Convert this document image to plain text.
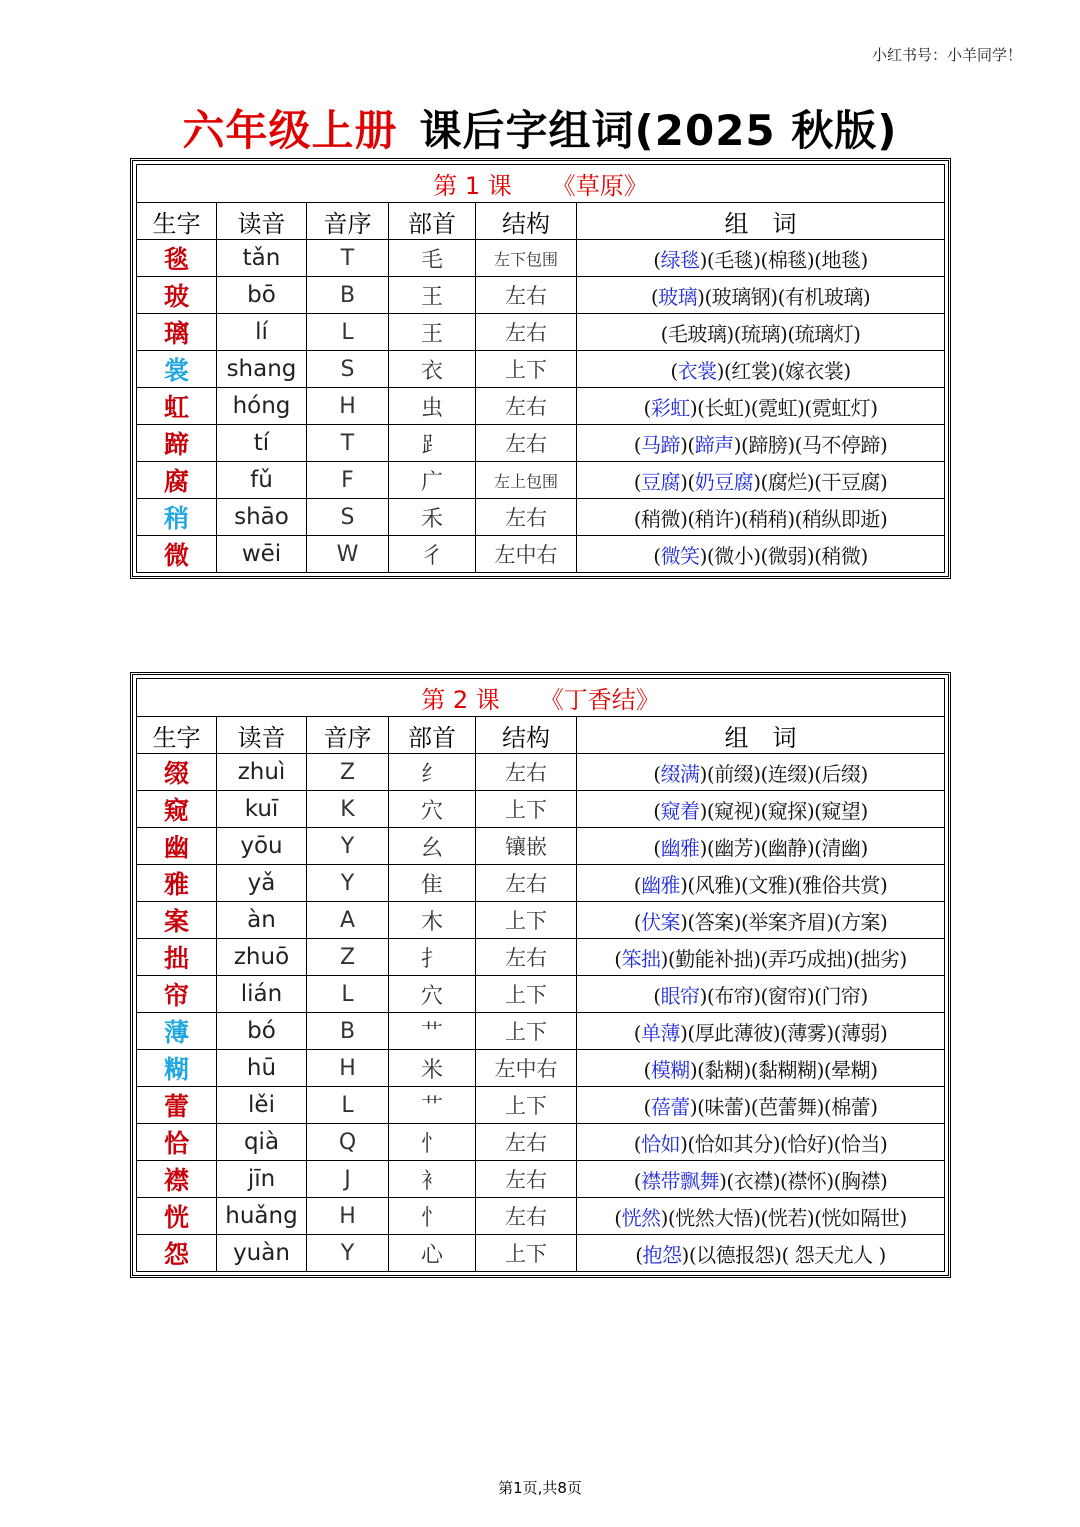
小红书号：小羊同学！
六年级上册 课后字组词(2025 秋版)
第 1 课 《草原》					
生字	读音	音序	部首	结构	组　词
毯	tǎn	T	毛	左下包围	(绿毯)(毛毯)(棉毯)(地毯)
玻	bō	B	王	左右	(玻璃)(玻璃钢)(有机玻璃)
璃	lí	L	王	左右	(毛玻璃)(琉璃)(琉璃灯)
裳	shang	S	衣	上下	(衣裳)(红裳)(嫁衣裳)
虹	hóng	H	虫	左右	(彩虹)(长虹)(霓虹)(霓虹灯)
蹄	tí	T	⻊	左右	(马蹄)(蹄声)(蹄膀)(马不停蹄)
腐	fǔ	F	广	左上包围	(豆腐)(奶豆腐)(腐烂)(干豆腐)
稍	shāo	S	禾	左右	(稍微)(稍许)(稍稍)(稍纵即逝)
微	wēi	W	彳	左中右	(微笑)(微小)(微弱)(稍微)
第 2 课 《丁香结》					
生字	读音	音序	部首	结构	组　词
缀	zhuì	Z	纟	左右	(缀满)(前缀)(连缀)(后缀)
窥	kuī	K	穴	上下	(窥着)(窥视)(窥探)(窥望)
幽	yōu	Y	幺	镶嵌	(幽雅)(幽芳)(幽静)(清幽)
雅	yǎ	Y	隹	左右	(幽雅)(风雅)(文雅)(雅俗共赏)
案	àn	A	木	上下	(伏案)(答案)(举案齐眉)(方案)
拙	zhuō	Z	扌	左右	(笨拙)(勤能补拙)(弄巧成拙)(拙劣)
帘	lián	L	穴	上下	(眼帘)(布帘)(窗帘)(门帘)
薄	bó	B	艹	上下	(单薄)(厚此薄彼)(薄雾)(薄弱)
糊	hū	H	米	左中右	(模糊)(黏糊)(黏糊糊)(晕糊)
蕾	lěi	L	艹	上下	(蓓蕾)(味蕾)(芭蕾舞)(棉蕾)
恰	qià	Q	忄	左右	(恰如)(恰如其分)(恰好)(恰当)
襟	jīn	J	衤	左右	(襟带飘舞)(衣襟)(襟怀)(胸襟)
恍	huǎng	H	忄	左右	(恍然)(恍然大悟)(恍若)(恍如隔世)
怨	yuàn	Y	心	上下	(抱怨)(以德报怨)( 怨天尤人 )
第1页,共8页
